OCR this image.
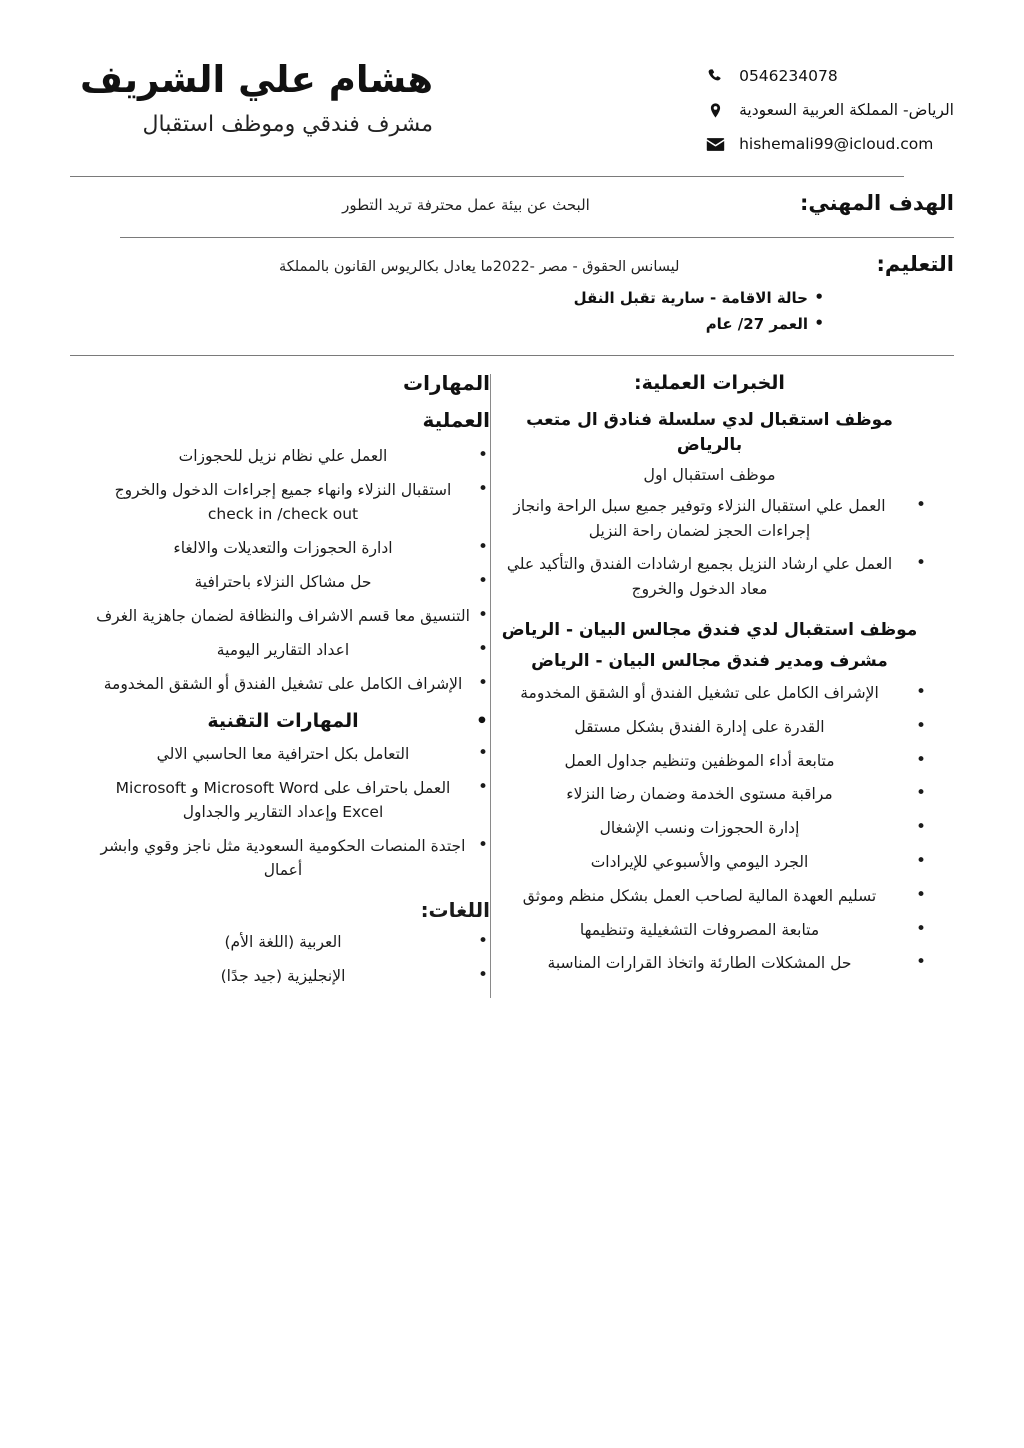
0546234078
الرياض- المملكة العربية السعودية
hishemali99@icloud.com
هشام علي الشريف
مشرف فندقي وموظف استقبال
الهدف المهني:
البحث عن بيئة عمل محترفة تريد التطور
التعليم:
ليسانس الحقوق - مصر -2022ما يعادل بكالريوس القانون بالمملكة
• حالة الاقامة - سارية تقبل النقل
• العمر 27/ عام
الخبرات العملية:
موظف استقبال لدي سلسلة فنادق ال متعب بالرياض
موظف استقبال اول
• العمل علي استقبال النزلاء وتوفير جميع سبل الراحة وانجاز إجراءات الحجز لضمان راحة النزيل
• العمل علي ارشاد النزيل بجميع ارشادات الفندق والتأكيد علي معاد الدخول والخروج
موظف استقبال لدي فندق مجالس البيان - الرياض
مشرف ومدير فندق مجالس البيان - الرياض
• الإشراف الكامل على تشغيل الفندق أو الشقق المخدومة
• القدرة على إدارة الفندق بشكل مستقل
• متابعة أداء الموظفين وتنظيم جداول العمل
• مراقبة مستوى الخدمة وضمان رضا النزلاء
• إدارة الحجوزات ونسب الإشغال
• الجرد اليومي والأسبوعي للإيرادات
• تسليم العهدة المالية لصاحب العمل بشكل منظم وموثق
• متابعة المصروفات التشغيلية وتنظيمها
• حل المشكلات الطارئة واتخاذ القرارات المناسبة
المهارات
العملية
• العمل علي نظام نزيل للحجوزات
• استقبال النزلاء وانهاء جميع إجراءات الدخول والخروج check in /check out
• ادارة الحجوزات والتعديلات والالغاء
• حل مشاكل النزلاء باحترافية
• التنسيق معا قسم الاشراف والنظافة لضمان جاهزية الغرف
• اعداد التقارير اليومية
• الإشراف الكامل على تشغيل الفندق أو الشقق المخدومة
• المهارات التقنية
• التعامل بكل احترافية معا الحاسبي الالي
• العمل باحتراف على Microsoft Word و Microsoft Excel وإعداد التقارير والجداول
• اجتدة المنصات الحكومية السعودية مثل ناجز وقوي وابشر أعمال
اللغات:
• العربية (اللغة الأم)
• الإنجليزية (جيد جدًا)
